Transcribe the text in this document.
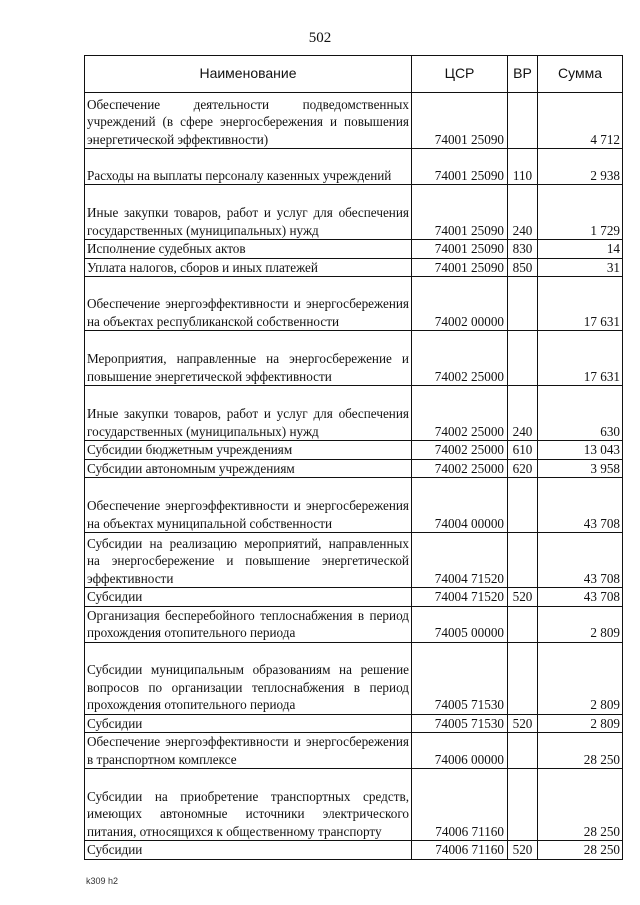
502
Наименование	ЦСР	ВР	Сумма
Обеспечение деятельности подведомственных учреждений (в сфере энергосбережения и повышения энергетической эффективности)	74001 25090		4 712
Расходы на выплаты персоналу казенных учреждений	74001 25090	110	2 938
Иные закупки товаров, работ и услуг для обеспечения государственных (муниципальных) нужд	74001 25090	240	1 729
Исполнение судебных актов	74001 25090	830	14
Уплата налогов, сборов и иных платежей	74001 25090	850	31
Обеспечение энергоэффективности и энергосбережения на объектах республиканской собственности	74002 00000		17 631
Мероприятия, направленные на энергосбережение и повышение энергетической эффективности	74002 25000		17 631
Иные закупки товаров, работ и услуг для обеспечения государственных (муниципальных) нужд	74002 25000	240	630
Субсидии бюджетным учреждениям	74002 25000	610	13 043
Субсидии автономным учреждениям	74002 25000	620	3 958
Обеспечение энергоэффективности и энергосбережения на объектах муниципальной собственности	74004 00000		43 708
Субсидии на реализацию мероприятий, направленных на энергосбережение и повышение энергетической эффективности	74004 71520		43 708
Субсидии	74004 71520	520	43 708
Организация бесперебойного теплоснабжения в период прохождения отопительного периода	74005 00000		2 809
Субсидии муниципальным образованиям на решение вопросов по организации теплоснабжения в период прохождения отопительного периода	74005 71530		2 809
Субсидии	74005 71530	520	2 809
Обеспечение энергоэффективности и энергосбережения в транспортном комплексе	74006 00000		28 250
Субсидии на приобретение транспортных средств, имеющих автономные источники электрического питания, относящихся к общественному транспорту	74006 71160		28 250
Субсидии	74006 71160	520	28 250
k309 h2
